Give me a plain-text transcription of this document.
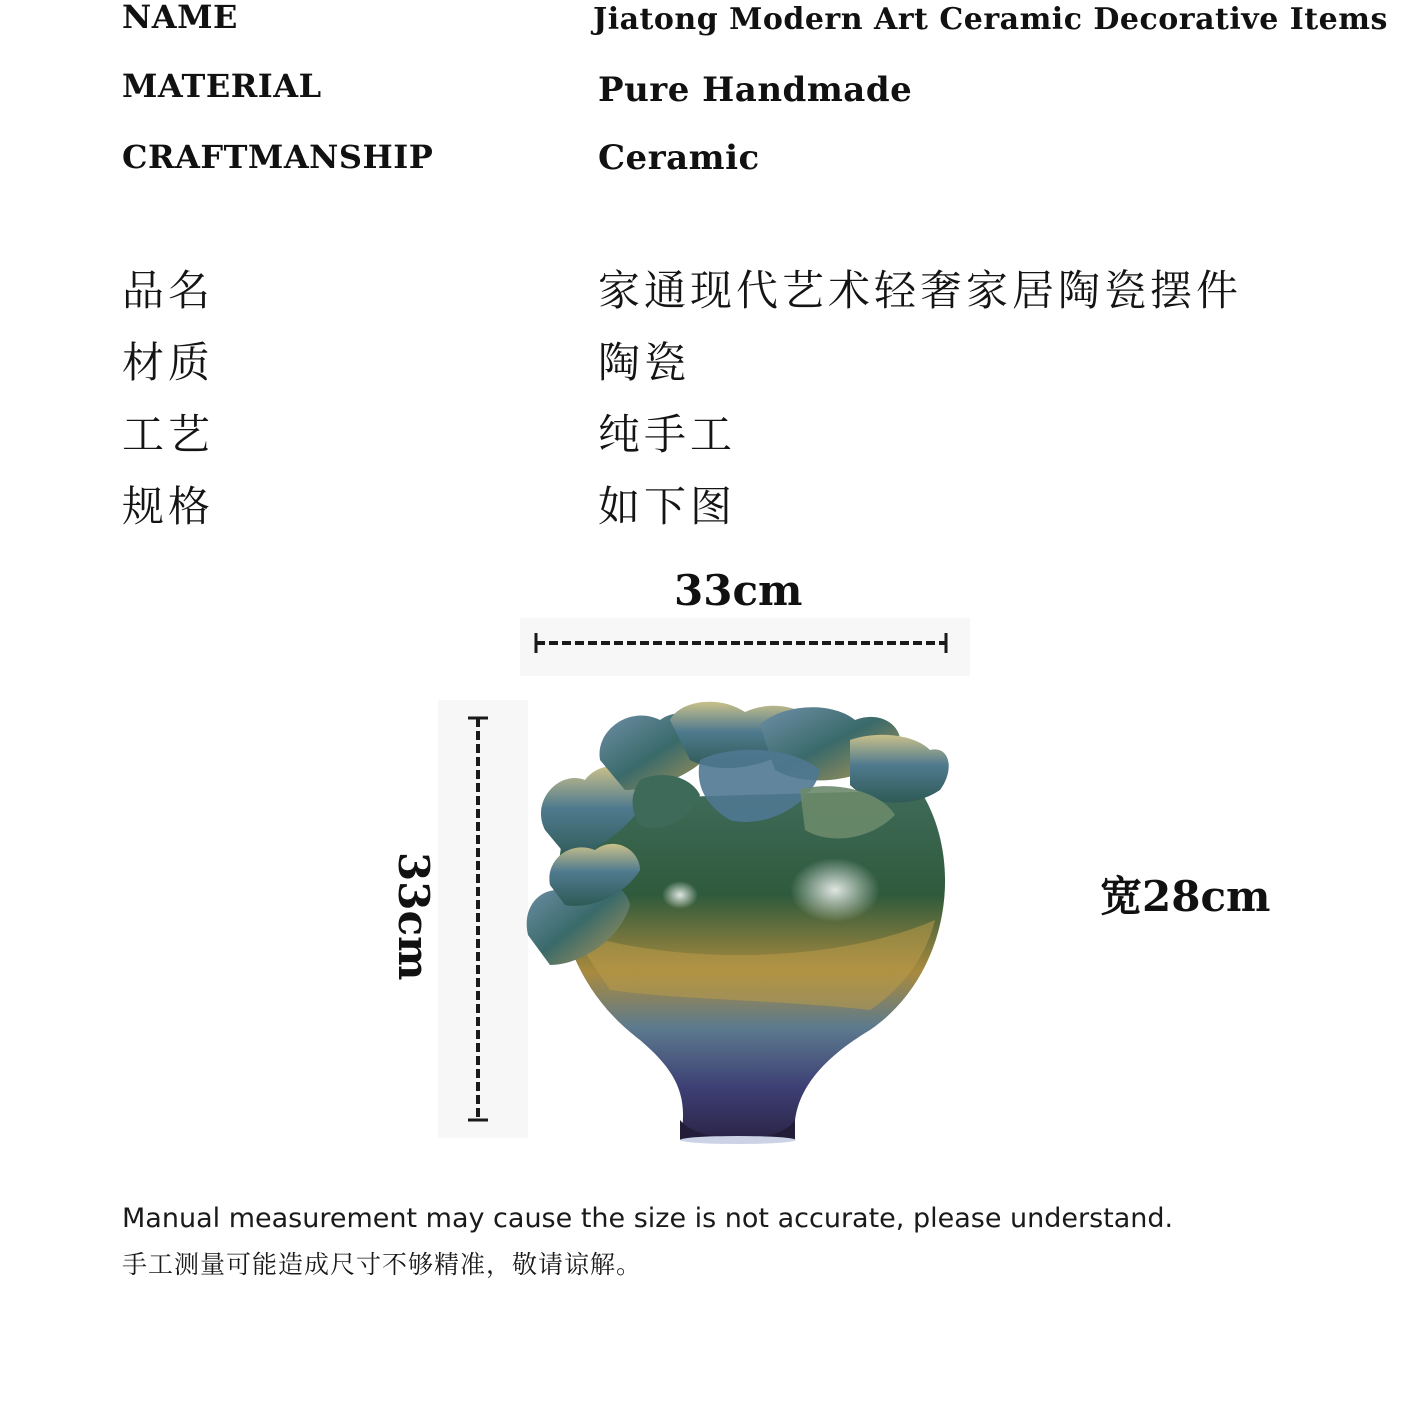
NAME	Jiatong Modern Art Ceramic Decorative Items
MATERIAL	Pure Handmade
CRAFTMANSHIP	Ceramic
品名	家通现代艺术轻奢家居陶瓷摆件
材质	陶瓷
工艺	纯手工
规格	如下图
33cm
33cm	宽28cm
Manual measurement may cause the size is not accurate, please understand.
手工测量可能造成尺寸不够精准，敬请谅解。
